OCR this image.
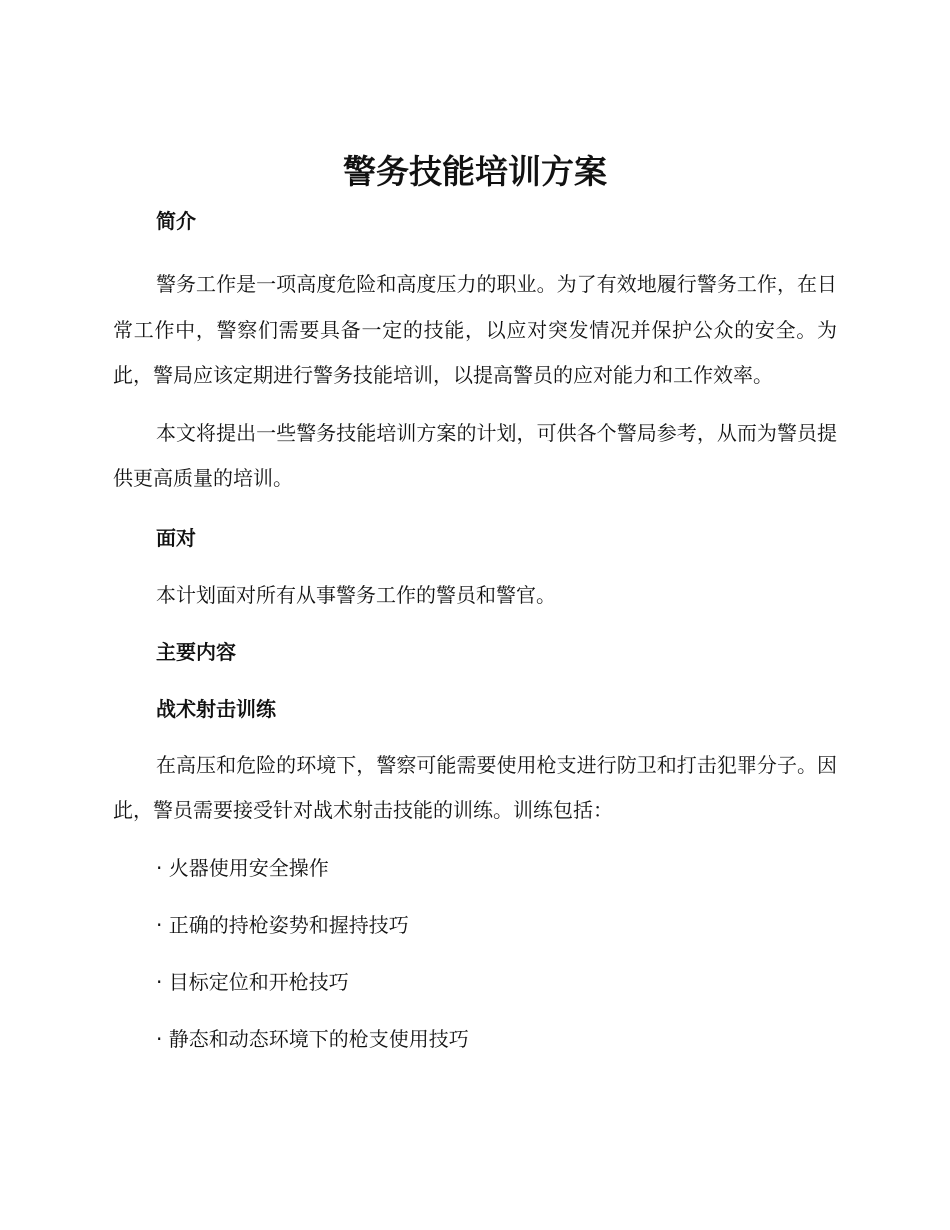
警务技能培训方案

简介

警务工作是一项高度危险和高度压力的职业。为了有效地履行警务工作，在日常工作中，警察们需要具备一定的技能，以应对突发情况并保护公众的安全。为此，警局应该定期进行警务技能培训，以提高警员的应对能力和工作效率。

本文将提出一些警务技能培训方案的计划，可供各个警局参考，从而为警员提供更高质量的培训。

面对

本计划面对所有从事警务工作的警员和警官。

主要内容

战术射击训练

在高压和危险的环境下，警察可能需要使用枪支进行防卫和打击犯罪分子。因此，警员需要接受针对战术射击技能的训练。训练包括：

· 火器使用安全操作

· 正确的持枪姿势和握持技巧

· 目标定位和开枪技巧

· 静态和动态环境下的枪支使用技巧
